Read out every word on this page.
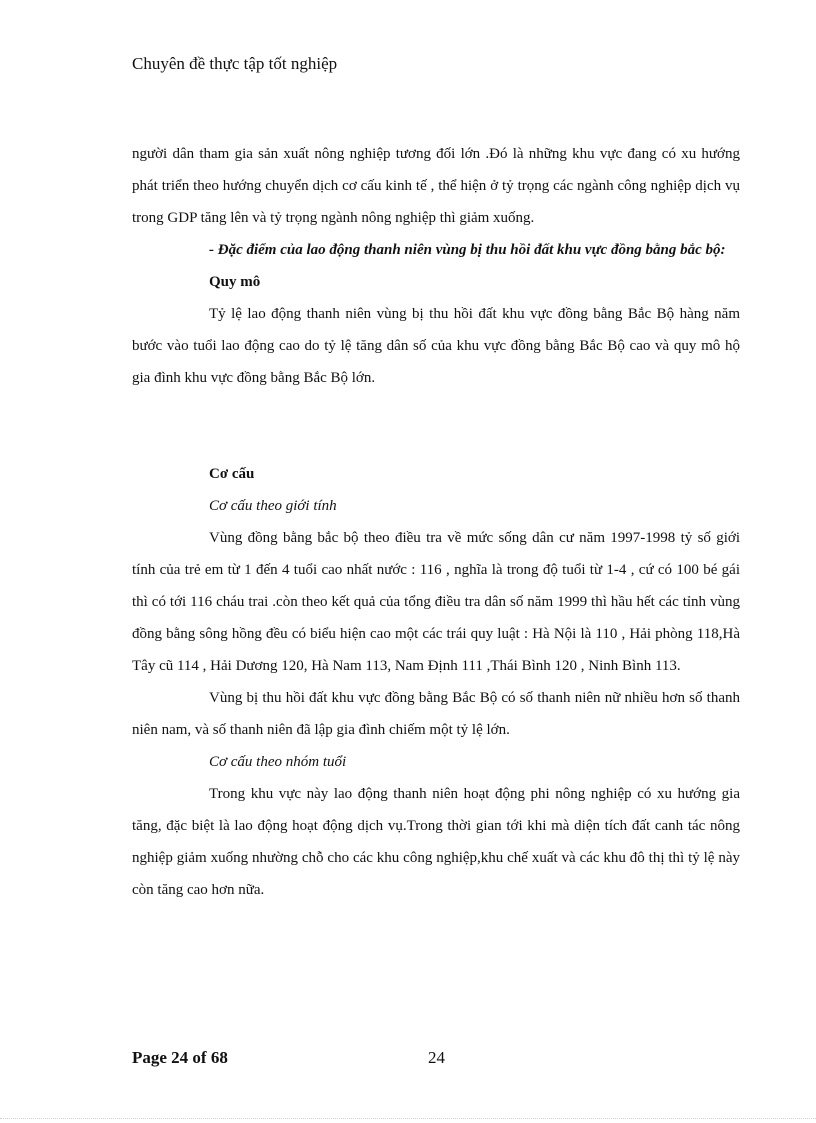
Chuyên đề thực tập tốt nghiệp

người dân tham gia sản xuất nông nghiệp tương đối lớn .Đó là những khu vực đang có xu hướng phát triển theo hướng chuyển dịch cơ cấu kinh tế , thể hiện ở tỷ trọng các ngành công nghiệp dịch vụ trong GDP tăng lên và tỷ trọng ngành nông nghiệp thì giảm xuống.

- Đặc điểm của lao động thanh niên vùng bị thu hồi đất khu vực đồng bằng bắc bộ:

Quy mô

Tỷ lệ lao động thanh niên vùng bị thu hồi đất khu vực đồng bằng Bắc Bộ hàng năm bước vào tuổi lao động cao do tỷ lệ tăng dân số của khu vực đồng bằng Bắc Bộ cao và quy mô hộ gia đình khu vực đồng bằng Bắc Bộ lớn.

Cơ cấu

Cơ cấu theo giới tính

Vùng đồng bằng bắc bộ theo điều tra về mức sống dân cư năm 1997-1998 tỷ số giới tính của trẻ em từ 1 đến 4 tuổi cao nhất nước : 116 , nghĩa là trong độ tuổi từ 1-4 , cứ có 100 bé gái thì có tới 116 cháu trai .còn theo kết quả của tổng điều tra dân số năm 1999 thì hầu hết các tỉnh vùng đồng bằng sông hồng đều có biểu hiện cao một các trái quy luật : Hà Nội là 110 , Hải phòng 118,Hà Tây cũ 114 , Hải Dương 120, Hà Nam 113, Nam Định 111 ,Thái Bình 120 , Ninh Bình 113.

Vùng bị thu hồi đất khu vực đồng bằng Bắc Bộ có số thanh niên nữ nhiều hơn số thanh niên nam, và số thanh niên đã lập gia đình chiếm một tỷ lệ lớn.

Cơ cấu theo nhóm tuổi

Trong khu vực này lao động thanh niên hoạt động phi nông nghiệp có xu hướng gia tăng, đặc biệt là lao động hoạt động dịch vụ.Trong thời gian tới khi mà diện tích đất canh tác nông nghiệp giảm xuống nhường chỗ cho các khu công nghiệp,khu chế xuất và các khu đô thị thì tỷ lệ này còn tăng cao hơn nữa.

Page 24 of 68	24
